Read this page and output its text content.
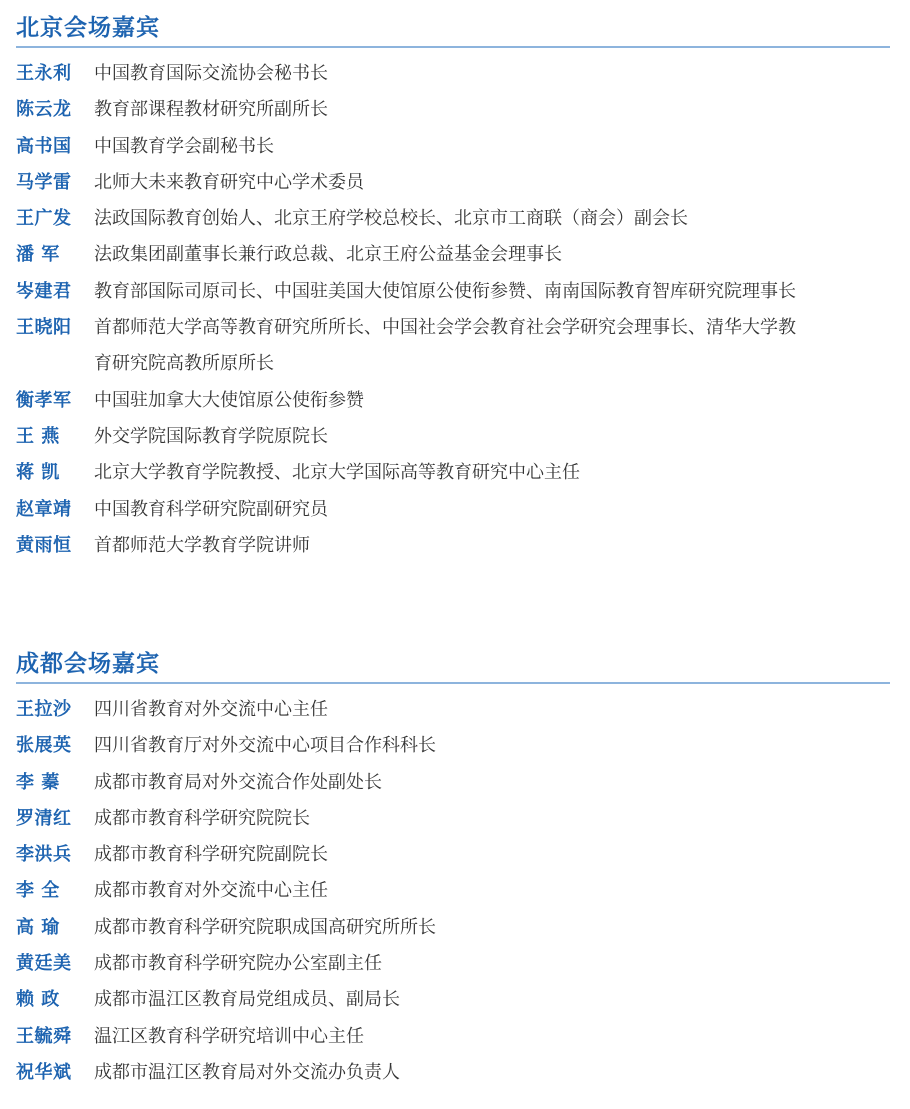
北京会场嘉宾
王永利	中国教育国际交流协会秘书长
陈云龙	教育部课程教材研究所副所长
高书国	中国教育学会副秘书长
马学雷	北师大未来教育研究中心学术委员
王广发	法政国际教育创始人、北京王府学校总校长、北京市工商联（商会）副会长
潘 军	法政集团副董事长兼行政总裁、北京王府公益基金会理事长
岑建君	教育部国际司原司长、中国驻美国大使馆原公使衔参赞、南南国际教育智库研究院理事长
王晓阳	首都师范大学高等教育研究所所长、中国社会学会教育社会学研究会理事长、清华大学教
育研究院高教所原所长
衡孝军	中国驻加拿大大使馆原公使衔参赞
王 燕	外交学院国际教育学院原院长
蒋 凯	北京大学教育学院教授、北京大学国际高等教育研究中心主任
赵章靖	中国教育科学研究院副研究员
黄雨恒	首都师范大学教育学院讲师
成都会场嘉宾
王拉沙	四川省教育对外交流中心主任
张展英	四川省教育厅对外交流中心项目合作科科长
李 蓁	成都市教育局对外交流合作处副处长
罗清红	成都市教育科学研究院院长
李洪兵	成都市教育科学研究院副院长
李 全	成都市教育对外交流中心主任
高 瑜	成都市教育科学研究院职成国高研究所所长
黄廷美	成都市教育科学研究院办公室副主任
赖 政	成都市温江区教育局党组成员、副局长
王毓舜	温江区教育科学研究培训中心主任
祝华斌	成都市温江区教育局对外交流办负责人
